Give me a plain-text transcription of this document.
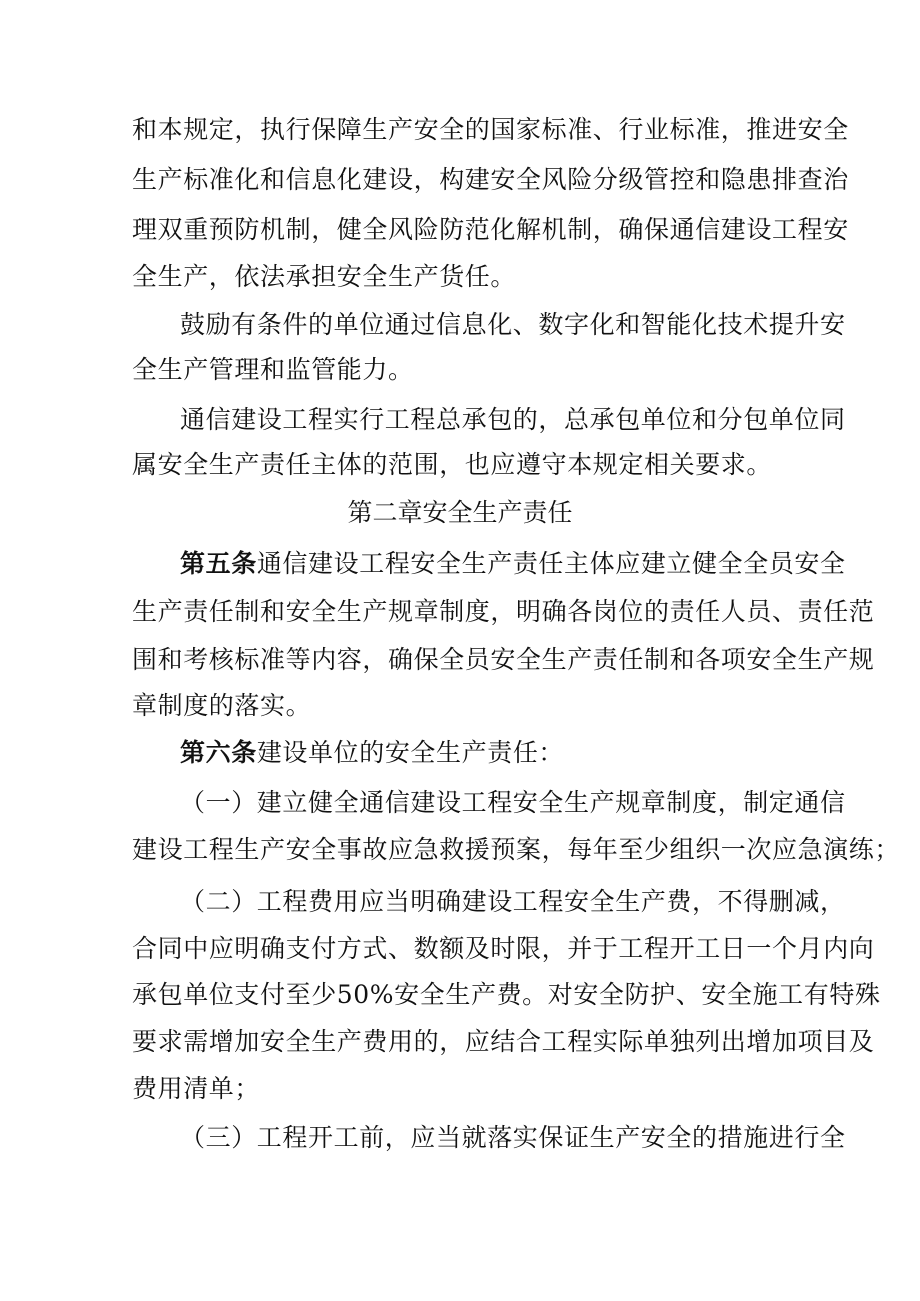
和本规定，执行保障生产安全的国家标准、行业标准，推进安全
生产标准化和信息化建设，构建安全风险分级管控和隐患排查治
理双重预防机制，健全风险防范化解机制，确保通信建设工程安
全生产，依法承担安全生产货任。
鼓励有条件的单位通过信息化、数字化和智能化技术提升安
全生产管理和监管能力。
通信建设工程实行工程总承包的，总承包单位和分包单位同
属安全生产责任主体的范围，也应遵守本规定相关要求。
第二章安全生产责任
第五条通信建设工程安全生产责任主体应建立健全全员安全
生产责任制和安全生产规章制度，明确各岗位的责任人员、责任范
围和考核标准等内容，确保全员安全生产责任制和各项安全生产规
章制度的落实。
第六条建设单位的安全生产责任：
（一）建立健全通信建设工程安全生产规章制度，制定通信
建设工程生产安全事故应急救援预案，每年至少组织一次应急演练；
（二）工程费用应当明确建设工程安全生产费，不得删减，
合同中应明确支付方式、数额及时限，并于工程开工日一个月内向
承包单位支付至少50%安全生产费。对安全防护、安全施工有特殊
要求需增加安全生产费用的，应结合工程实际单独列出增加项目及
费用清单；
（三）工程开工前，应当就落实保证生产安全的措施进行全
